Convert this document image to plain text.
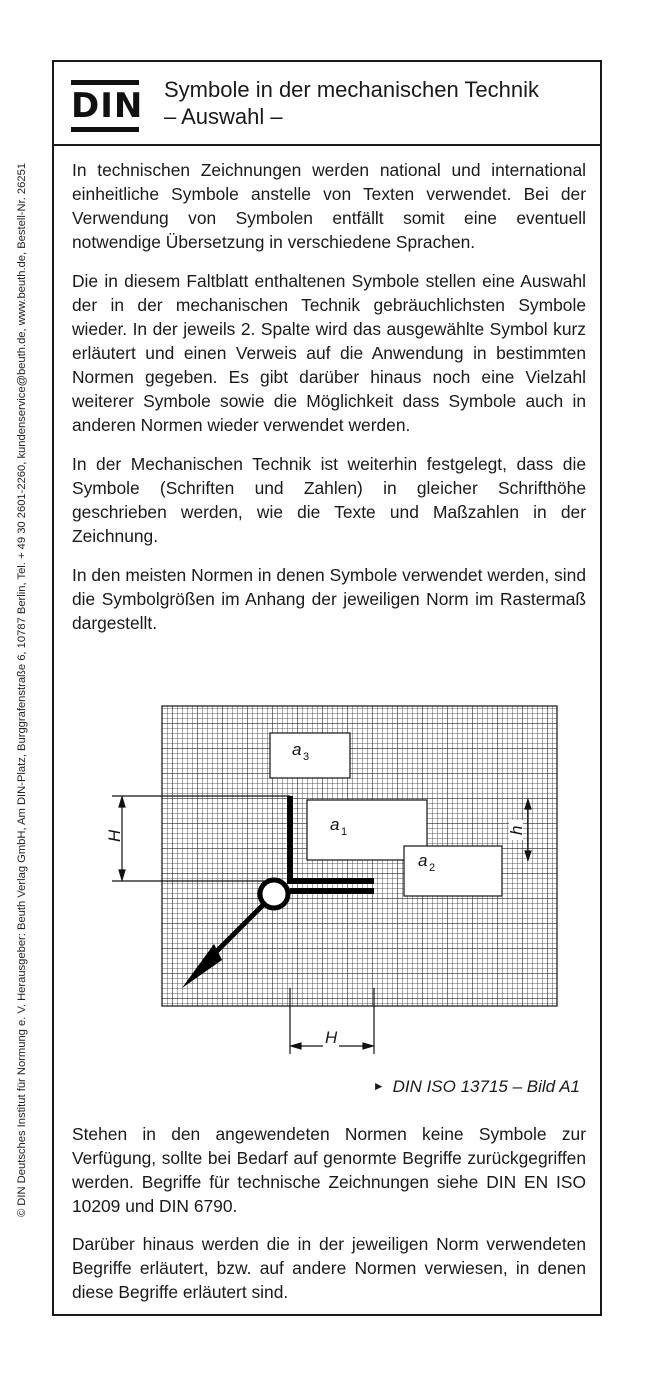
© DIN Deutsches Institut für Normung e. V. Herausgeber: Beuth Verlag GmbH, Am DIN-Platz, Burggrafenstraße 6, 10787 Berlin, Tel. + 49 30 2601-2260, kundenservice@beuth.de, www.beuth.de, Bestell-Nr. 26251
DIN Symbole in der mechanischen Technik
– Auswahl –

In technischen Zeichnungen werden national und international einheitliche Symbole anstelle von Texten verwendet. Bei der Verwendung von Symbolen entfällt somit eine eventuell notwendige Übersetzung in verschiedene Sprachen.

Die in diesem Faltblatt enthaltenen Symbole stellen eine Auswahl der in der mechanischen Technik gebräuchlichsten Symbole wieder. In der jeweils 2. Spalte wird das ausgewählte Symbol kurz erläutert und einen Verweis auf die Anwendung in bestimmten Normen gegeben. Es gibt darüber hinaus noch eine Vielzahl weiterer Symbole sowie die Möglichkeit dass Symbole auch in anderen Normen wieder verwendet werden.

In der Mechanischen Technik ist weiterhin festgelegt, dass die Symbole (Schriften und Zahlen) in gleicher Schrifthöhe geschrieben werden, wie die Texte und Maßzahlen in der Zeichnung.

In den meisten Normen in denen Symbole verwendet werden, sind die Symbolgrößen im Anhang der jeweiligen Norm im Rastermaß dargestellt.

a 3
a 1
a 2
H	h
H
► DIN ISO 13715 – Bild A1

Stehen in den angewendeten Normen keine Symbole zur Verfügung, sollte bei Bedarf auf genormte Begriffe zurückgegriffen werden. Begriffe für technische Zeichnungen siehe DIN EN ISO 10209 und DIN 6790.

Darüber hinaus werden die in der jeweiligen Norm verwendeten Begriffe erläutert, bzw. auf andere Normen verwiesen, in denen diese Begriffe erläutert sind.
